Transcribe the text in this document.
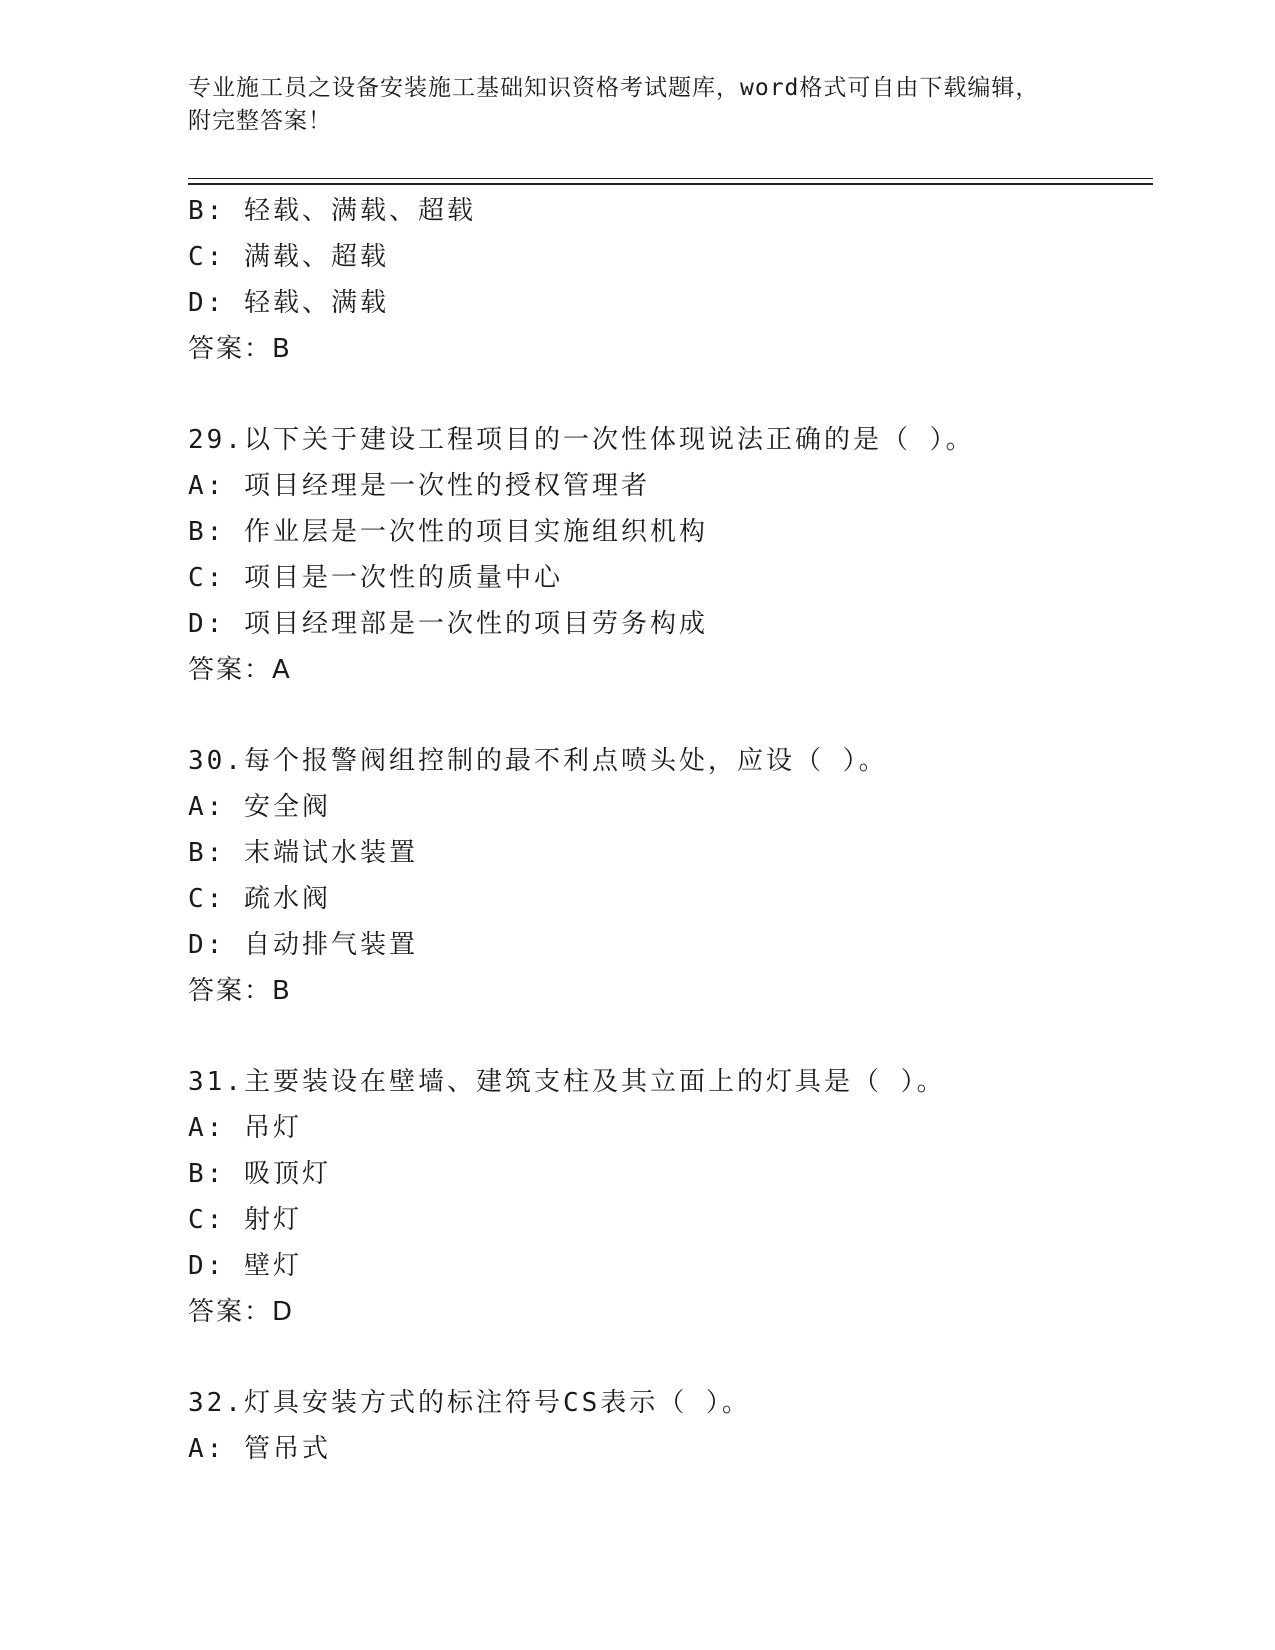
专业施工员之设备安装施工基础知识资格考试题库，word格式可自由下载编辑，
附完整答案！
B: 轻载、满载、超载
C: 满载、超载
D: 轻载、满载
答案：B
29.以下关于建设工程项目的一次性体现说法正确的是（ ）。
A: 项目经理是一次性的授权管理者
B: 作业层是一次性的项目实施组织机构
C: 项目是一次性的质量中心
D: 项目经理部是一次性的项目劳务构成
答案：A
30.每个报警阀组控制的最不利点喷头处，应设（ ）。
A: 安全阀
B: 末端试水装置
C: 疏水阀
D: 自动排气装置
答案：B
31.主要装设在壁墙、建筑支柱及其立面上的灯具是（ ）。
A: 吊灯
B: 吸顶灯
C: 射灯
D: 壁灯
答案：D
32.灯具安装方式的标注符号CS表示（ ）。
A: 管吊式
